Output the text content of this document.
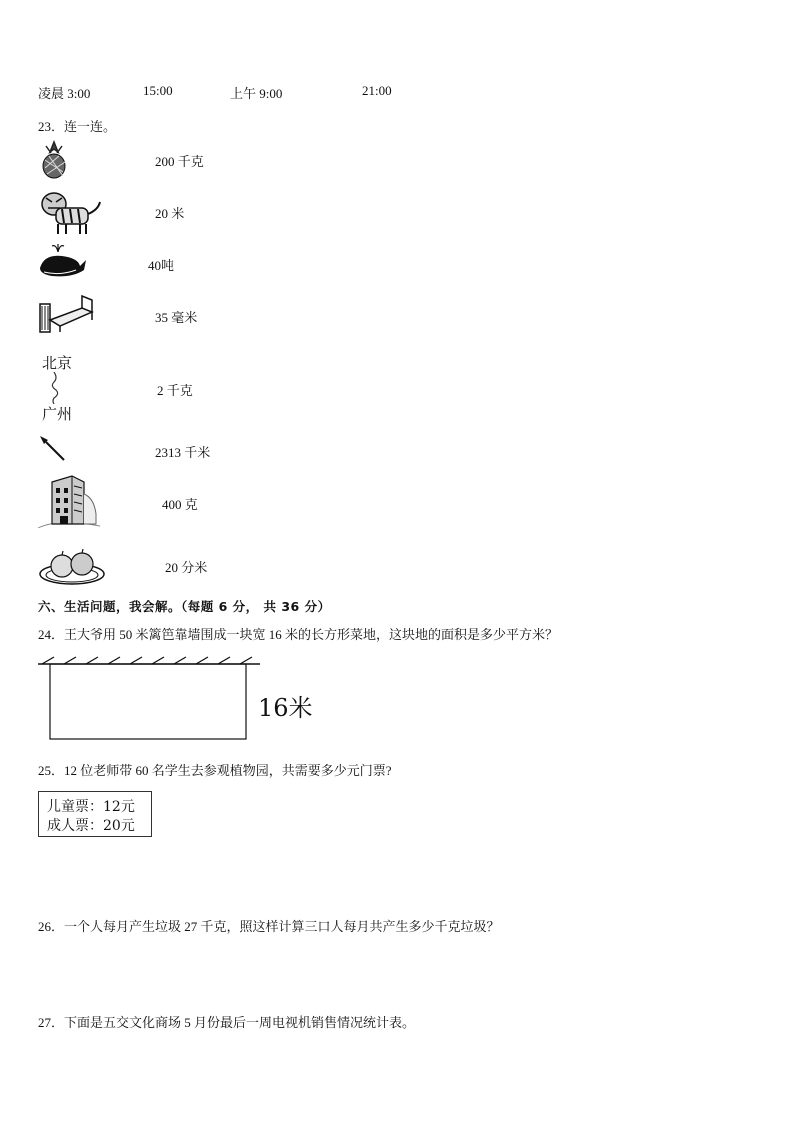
凌晨 3:00	15:00	上午 9:00	21:00
23．连一连。
200 千克
20 米
40吨
35 毫米
北京
广州
2 千克
2313 千米
400 克
20 分米
六、生活问题，我会解。（每题 6 分， 共 36 分）
24．王大爷用 50 米篱笆靠墙围成一块宽 16 米的长方形菜地，这块地的面积是多少平方米？
16米
25．12 位老师带 60 名学生去参观植物园，共需要多少元门票?
儿童票：12元
成人票：20元
26．一个人每月产生垃圾 27 千克，照这样计算三口人每月共产生多少千克垃圾？
27．下面是五交文化商场 5 月份最后一周电视机销售情况统计表。
